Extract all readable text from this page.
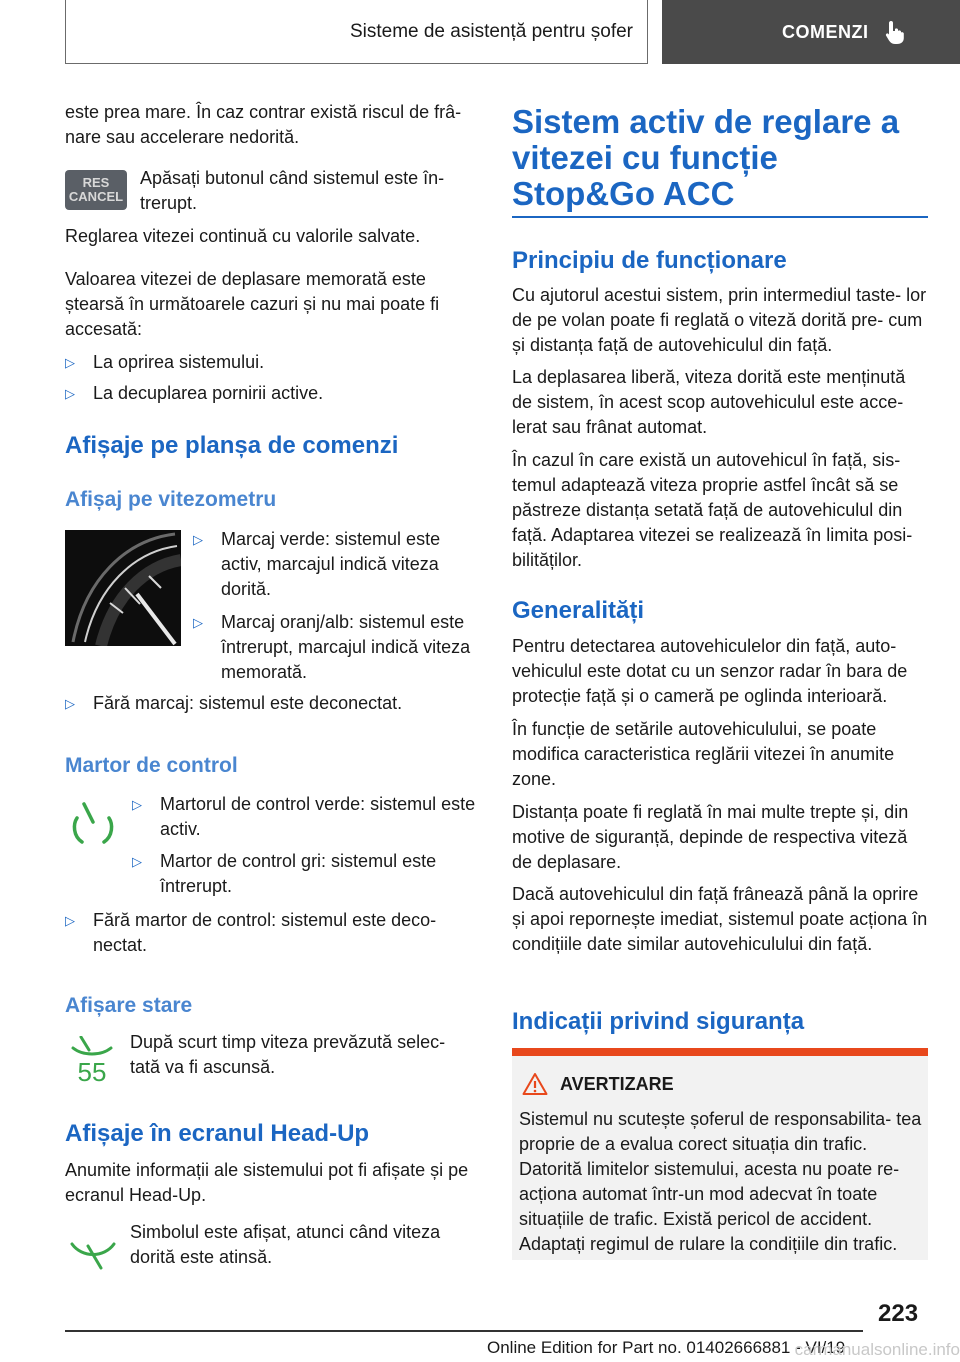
Sisteme de asistență pentru șofer	COMENZI

este prea mare. În caz contrar există riscul de frâ‐ nare sau accelerare nedorită.

RES
CANCEL

Apăsați butonul când sistemul este în‐ trerupt.

Reglarea vitezei continuă cu valorile salvate.

Valoarea vitezei de deplasare memorată este ștearsă în următoarele cazuri și nu mai poate fi accesată:

▷ La oprirea sistemului.
▷ La decuplarea pornirii active.
Afișaje pe planșa de comenzi
Afișaj pe vitezometru
▷ Marcaj verde: sistemul este activ, marcajul indică viteza dorită.
▷ Marcaj oranj/alb: sistemul este întrerupt, marcajul indică viteza memorată.
▷ Fără marcaj: sistemul este deconectat.
Martor de control
▷ Martorul de control verde: sistemul este activ.
▷ Martor de control gri: sistemul este întrerupt.
▷ Fără martor de control: sistemul este deco‐ nectat.
Afișare stare
55

După scurt timp viteza prevăzută selec‐ tată va fi ascunsă.

Afișaje în ecranul Head-Up

Anumite informații ale sistemului pot fi afișate și pe ecranul Head-Up.

Simbolul este afișat, atunci când viteza dorită este atinsă.

Sistem activ de reglare a vitezei cu funcție Stop&Go ACC
Principiu de funcționare

Cu ajutorul acestui sistem, prin intermediul taste‐ lor de pe volan poate fi reglată o viteză dorită pre‐ cum și distanța față de autovehiculul din față.

La deplasarea liberă, viteza dorită este menținută de sistem, în acest scop autovehiculul este acce‐ lerat sau frânat automat.

În cazul în care există un autovehicul în față, sis‐ temul adaptează viteza proprie astfel încât să se păstreze distanța setată față de autovehiculul din față. Adaptarea vitezei se realizează în limita posi‐ bilităților.

Generalități

Pentru detectarea autovehiculelor din față, auto‐ vehiculul este dotat cu un senzor radar în bara de protecție față și o cameră pe oglinda interioară.

În funcție de setările autovehiculului, se poate modifica caracteristica reglării vitezei în anumite zone.

Distanța poate fi reglată în mai multe trepte și, din motive de siguranță, depinde de respectiva viteză de deplasare.

Dacă autovehiculul din față frânează până la oprire și apoi repornește imediat, sistemul poate acționa în condițiile date similar autovehiculului din față.

Indicații privind siguranța
AVERTIZARE

Sistemul nu scutește șoferul de responsabilita‐ tea proprie de a evalua corect situația din trafic. Datorită limitelor sistemului, acesta nu poate re‐ acționa automat într-un mod adecvat în toate situațiile de trafic. Există pericol de accident. Adaptați regimul de rulare la condițiile din trafic.

223
Online Edition for Part no. 01402666881 - VI/19
carmanualsonline.info
